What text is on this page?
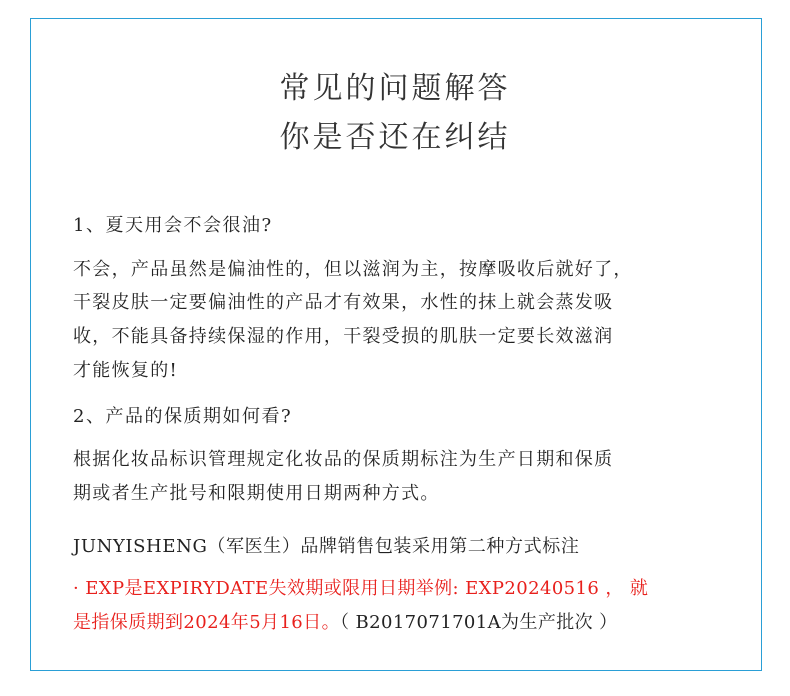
常见的问题解答
你是否还在纠结
1、夏天用会不会很油?
不会，产品虽然是偏油性的，但以滋润为主，按摩吸收后就好了，
干裂皮肤一定要偏油性的产品才有效果，水性的抹上就会蒸发吸
收，不能具备持续保湿的作用，干裂受损的肌肤一定要长效滋润
才能恢复的!
2、产品的保质期如何看?
根据化妆品标识管理规定化妆品的保质期标注为生产日期和保质
期或者生产批号和限期使用日期两种方式。
JUNYISHENG（军医生）品牌销售包装采用第二种方式标注
· EXP是EXPIRYDATE失效期或限用日期举例: EXP20240516 ， 就
是指保质期到2024年5月16日。（ B2017071701A为生产批次 ）
